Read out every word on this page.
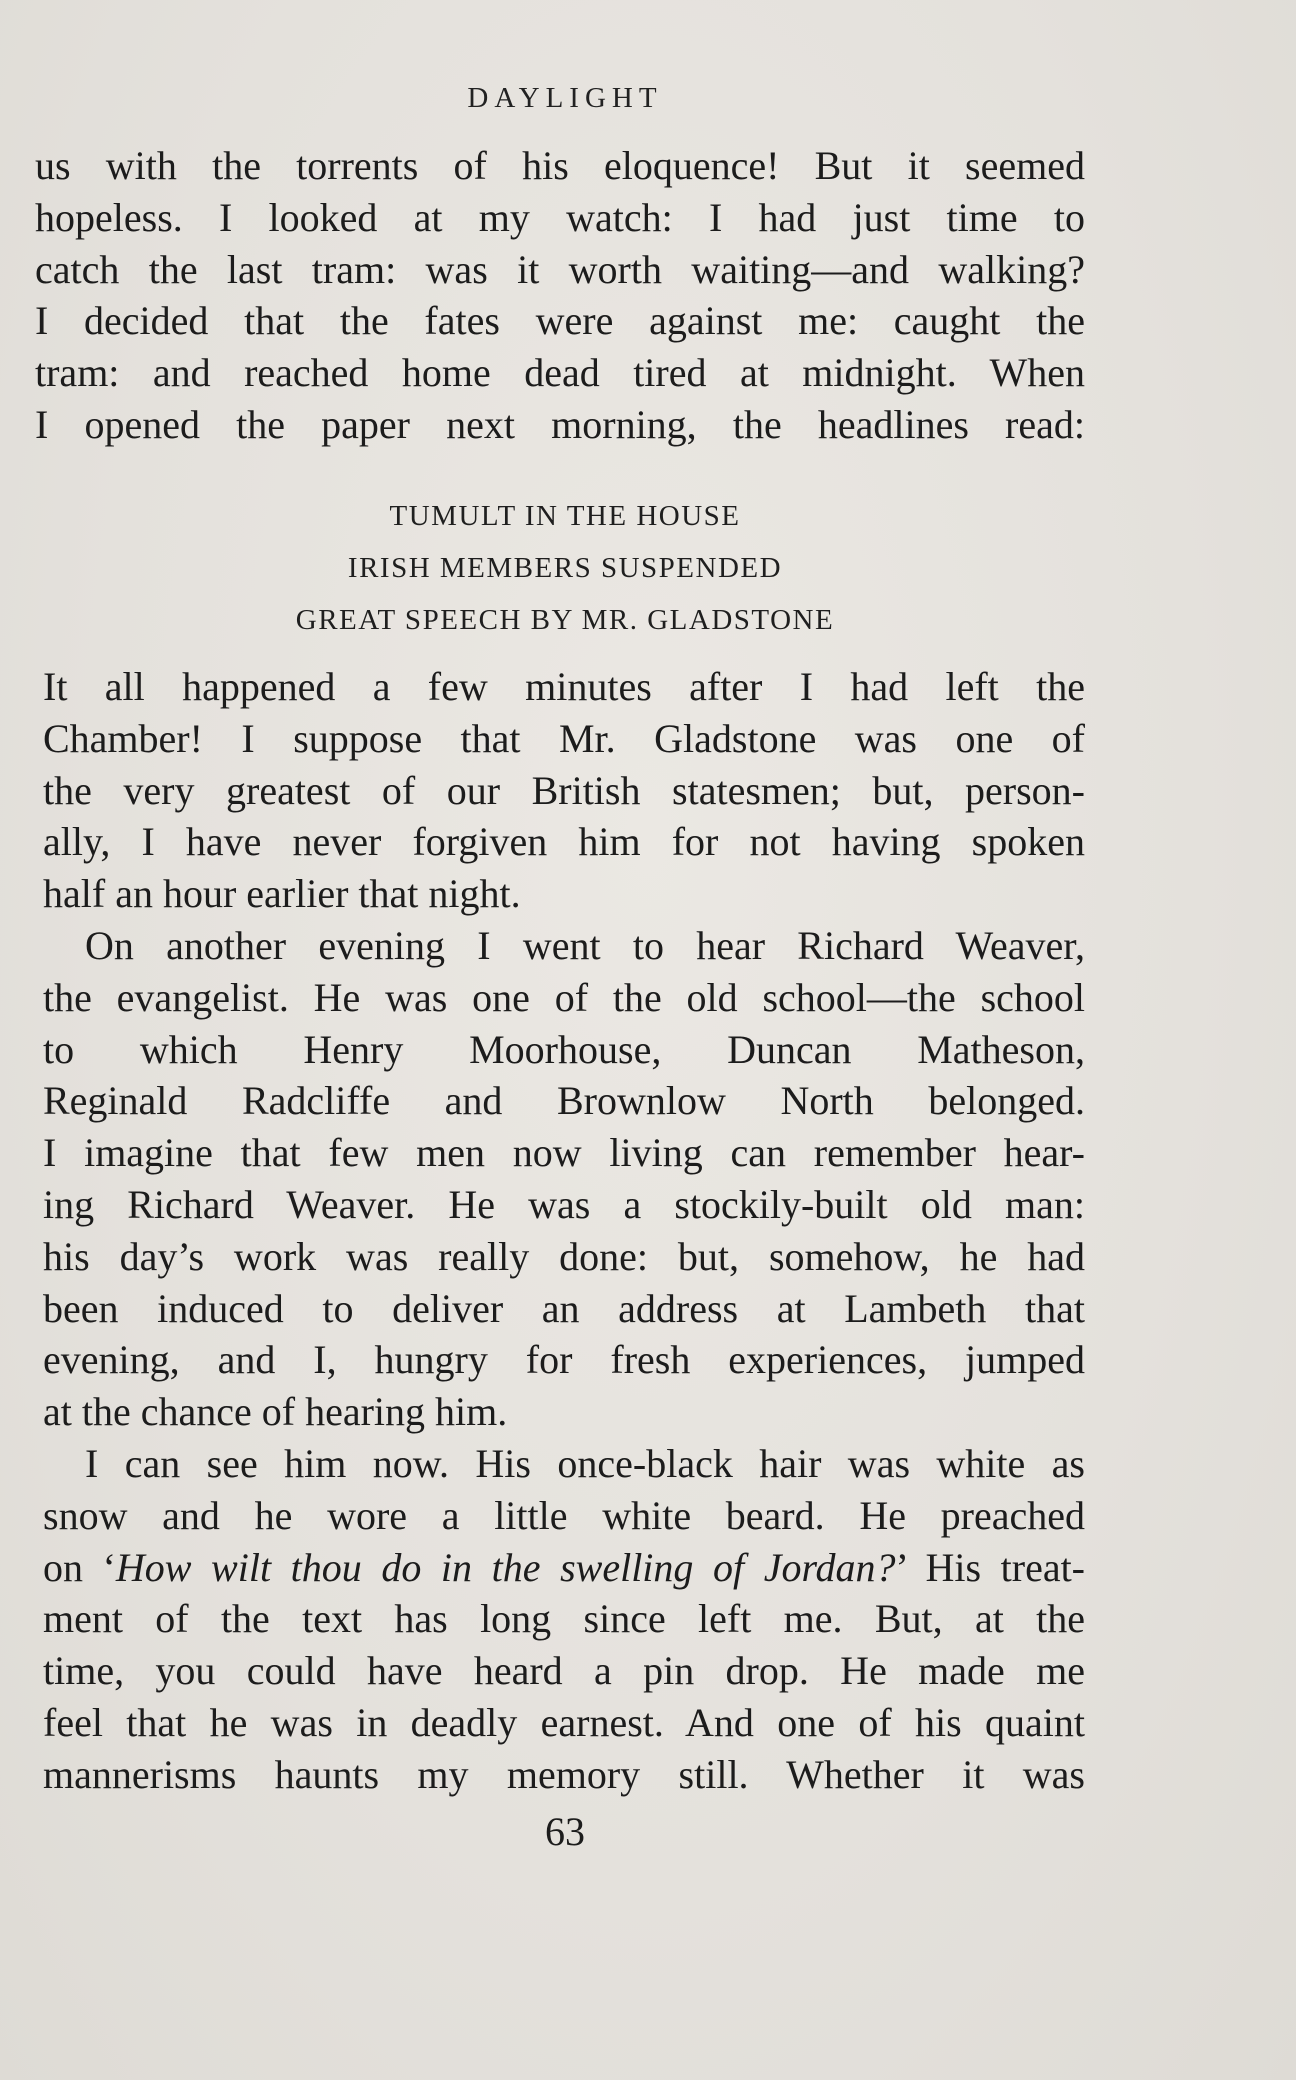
DAYLIGHT
us with the torrents of his eloquence! But it seemed
hopeless. I looked at my watch: I had just time to
catch the last tram: was it worth waiting—and walking?
I decided that the fates were against me: caught the
tram: and reached home dead tired at midnight. When
I opened the paper next morning, the headlines read:
TUMULT IN THE HOUSE
IRISH MEMBERS SUSPENDED
GREAT SPEECH BY MR. GLADSTONE
It all happened a few minutes after I had left the
Chamber! I suppose that Mr. Gladstone was one of
the very greatest of our British statesmen; but, person-
ally, I have never forgiven him for not having spoken
half an hour earlier that night.
On another evening I went to hear Richard Weaver,
the evangelist. He was one of the old school—the school
to which Henry Moorhouse, Duncan Matheson,
Reginald Radcliffe and Brownlow North belonged.
I imagine that few men now living can remember hear-
ing Richard Weaver. He was a stockily-built old man:
his day’s work was really done: but, somehow, he had
been induced to deliver an address at Lambeth that
evening, and I, hungry for fresh experiences, jumped
at the chance of hearing him.
I can see him now. His once-black hair was white as
snow and he wore a little white beard. He preached
on ‘How wilt thou do in the swelling of Jordan?’ His treat-
ment of the text has long since left me. But, at the
time, you could have heard a pin drop. He made me
feel that he was in deadly earnest. And one of his quaint
mannerisms haunts my memory still. Whether it was
63
